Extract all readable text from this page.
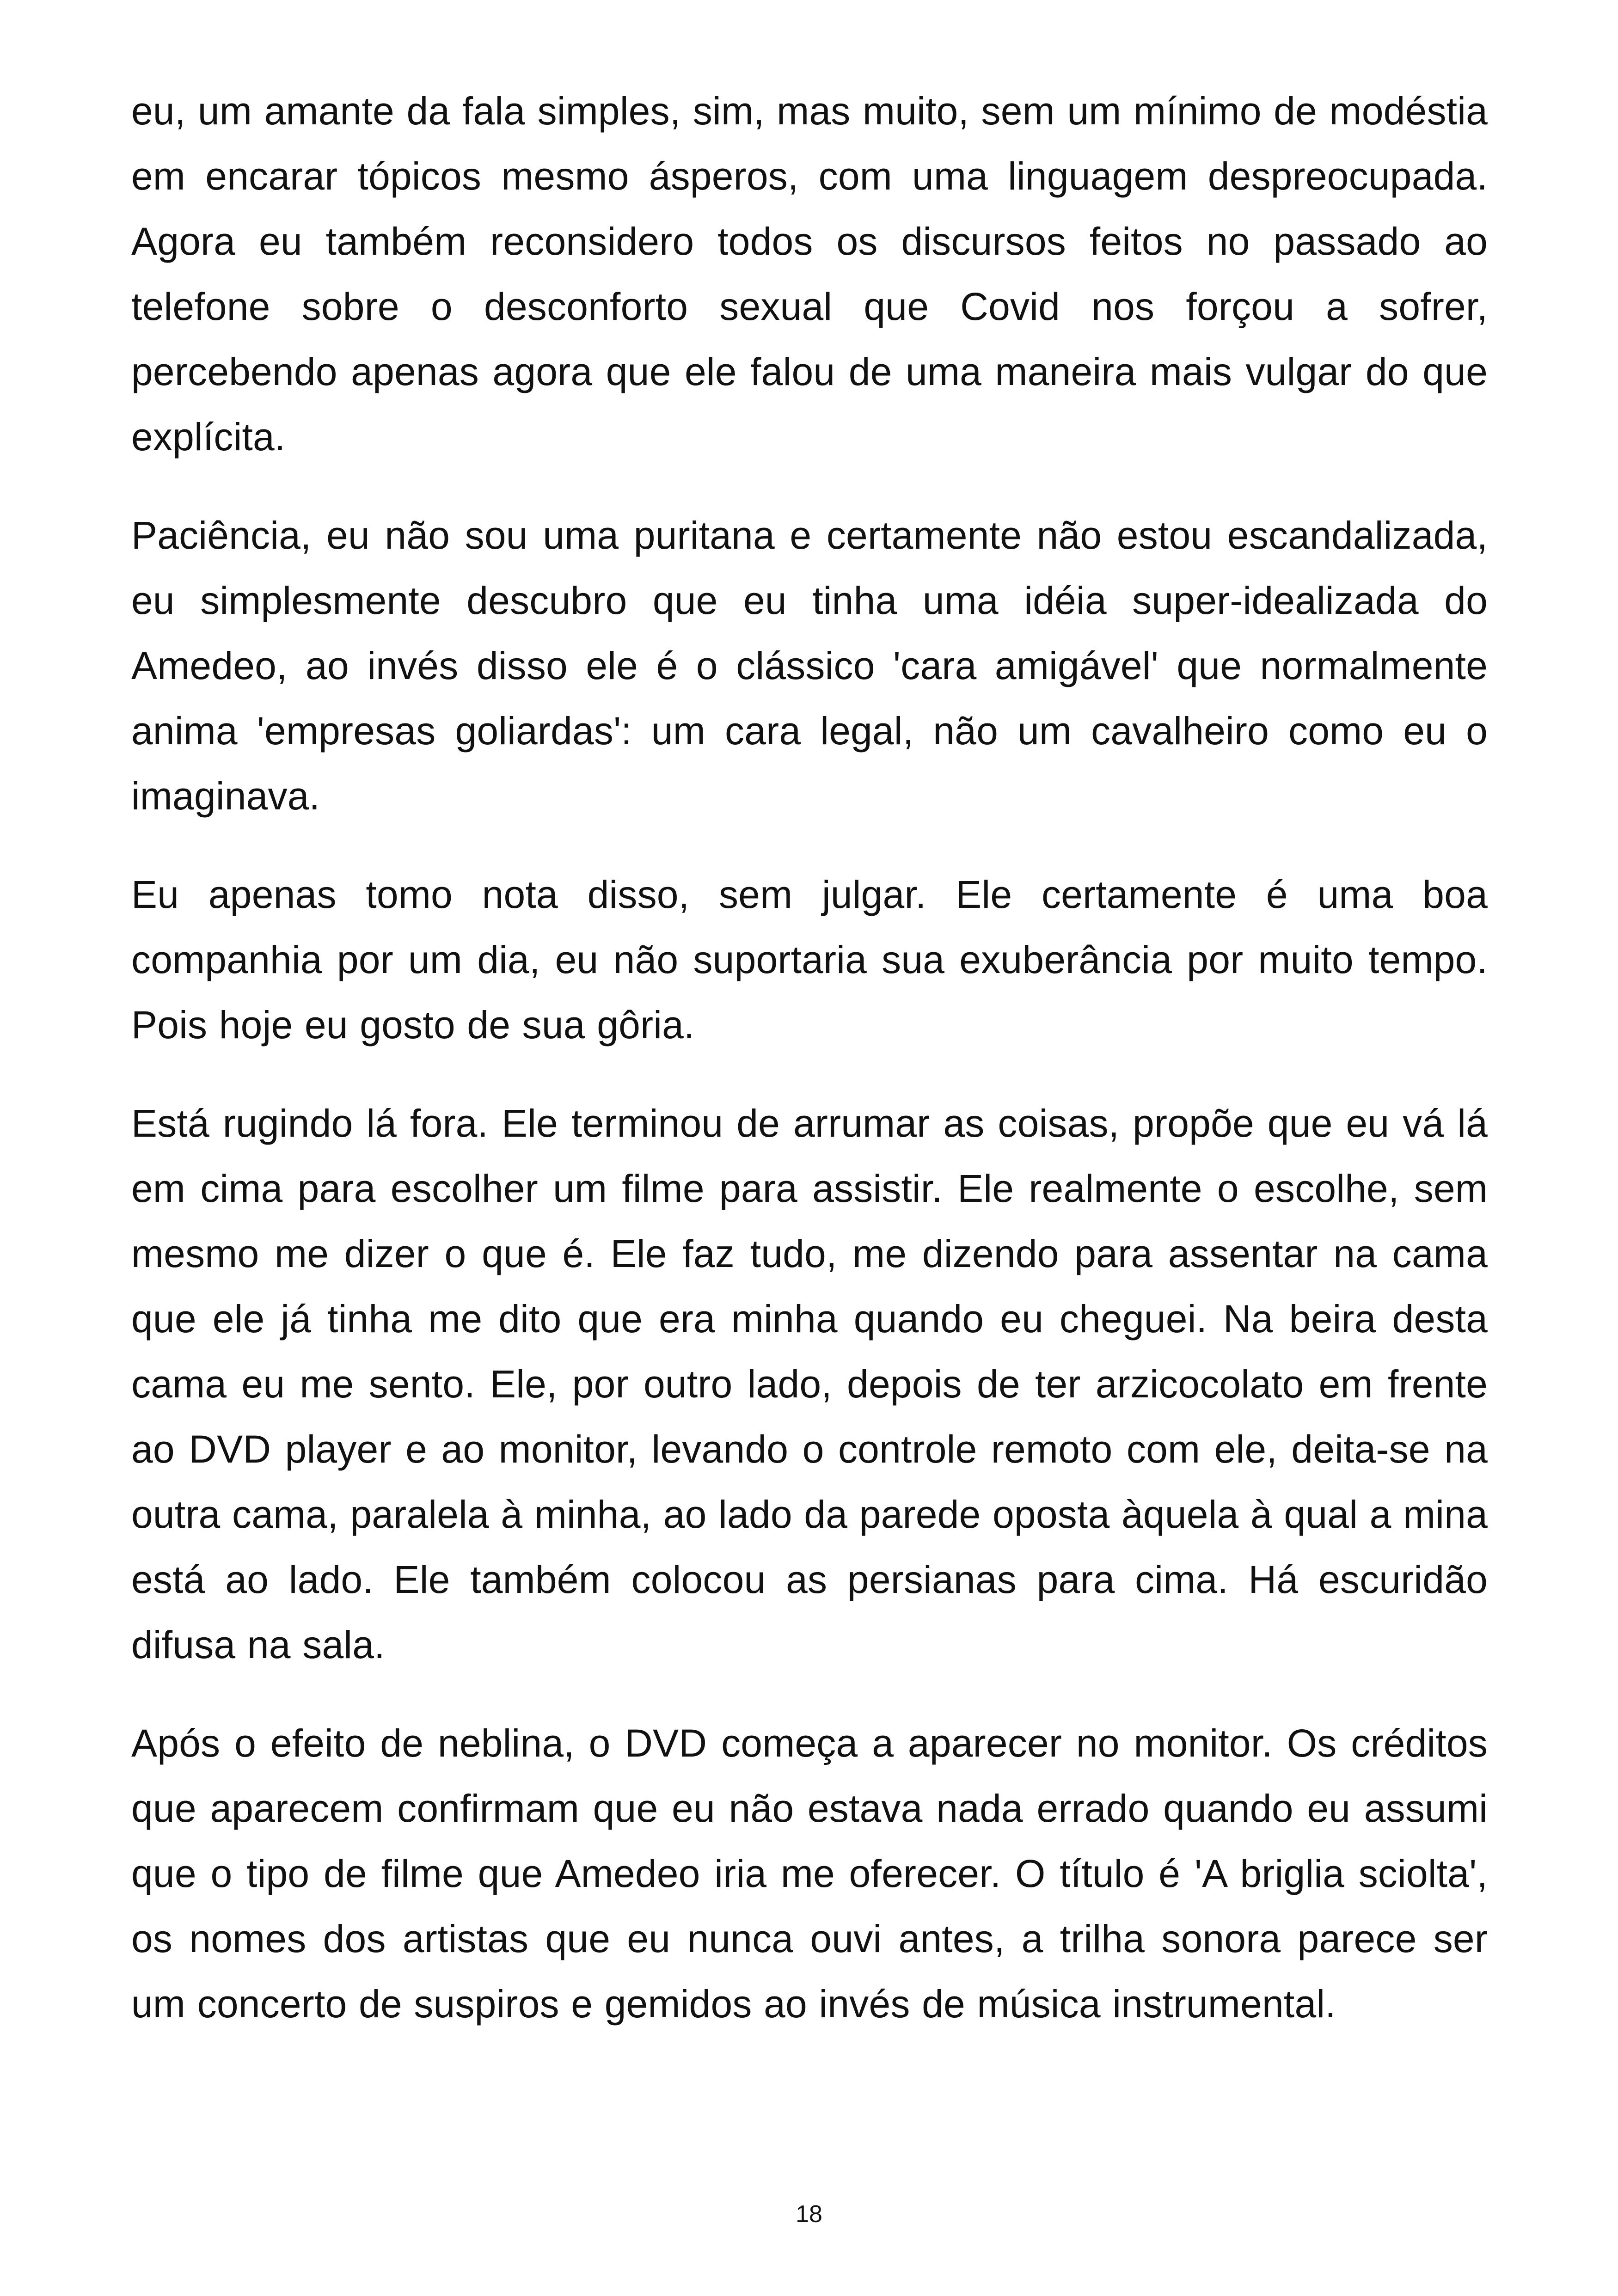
eu, um amante da fala simples, sim, mas muito, sem um mínimo de modéstia em encarar tópicos mesmo ásperos, com uma linguagem despreocupada. Agora eu também reconsidero todos os discursos feitos no passado ao telefone sobre o desconforto sexual que Covid nos forçou a sofrer, percebendo apenas agora que ele falou de uma maneira mais vulgar do que explícita.

Paciência, eu não sou uma puritana e certamente não estou escandalizada, eu simplesmente descubro que eu tinha uma idéia super-idealizada do Amedeo, ao invés disso ele é o clássico 'cara amigável' que normalmente anima 'empresas goliardas': um cara legal, não um cavalheiro como eu o imaginava.

Eu apenas tomo nota disso, sem julgar. Ele certamente é uma boa companhia por um dia, eu não suportaria sua exuberância por muito tempo. Pois hoje eu gosto de sua gôria.

Está rugindo lá fora. Ele terminou de arrumar as coisas, propõe que eu vá lá em cima para escolher um filme para assistir. Ele realmente o escolhe, sem mesmo me dizer o que é. Ele faz tudo, me dizendo para assentar na cama que ele já tinha me dito que era minha quando eu cheguei. Na beira desta cama eu me sento. Ele, por outro lado, depois de ter arzicocolato em frente ao DVD player e ao monitor, levando o controle remoto com ele, deita-se na outra cama, paralela à minha, ao lado da parede oposta àquela à qual a mina está ao lado. Ele também colocou as persianas para cima. Há escuridão difusa na sala.

Após o efeito de neblina, o DVD começa a aparecer no monitor. Os créditos que aparecem confirmam que eu não estava nada errado quando eu assumi que o tipo de filme que Amedeo iria me oferecer. O título é 'A briglia sciolta', os nomes dos artistas que eu nunca ouvi antes, a trilha sonora parece ser um concerto de suspiros e gemidos ao invés de música instrumental.

18
